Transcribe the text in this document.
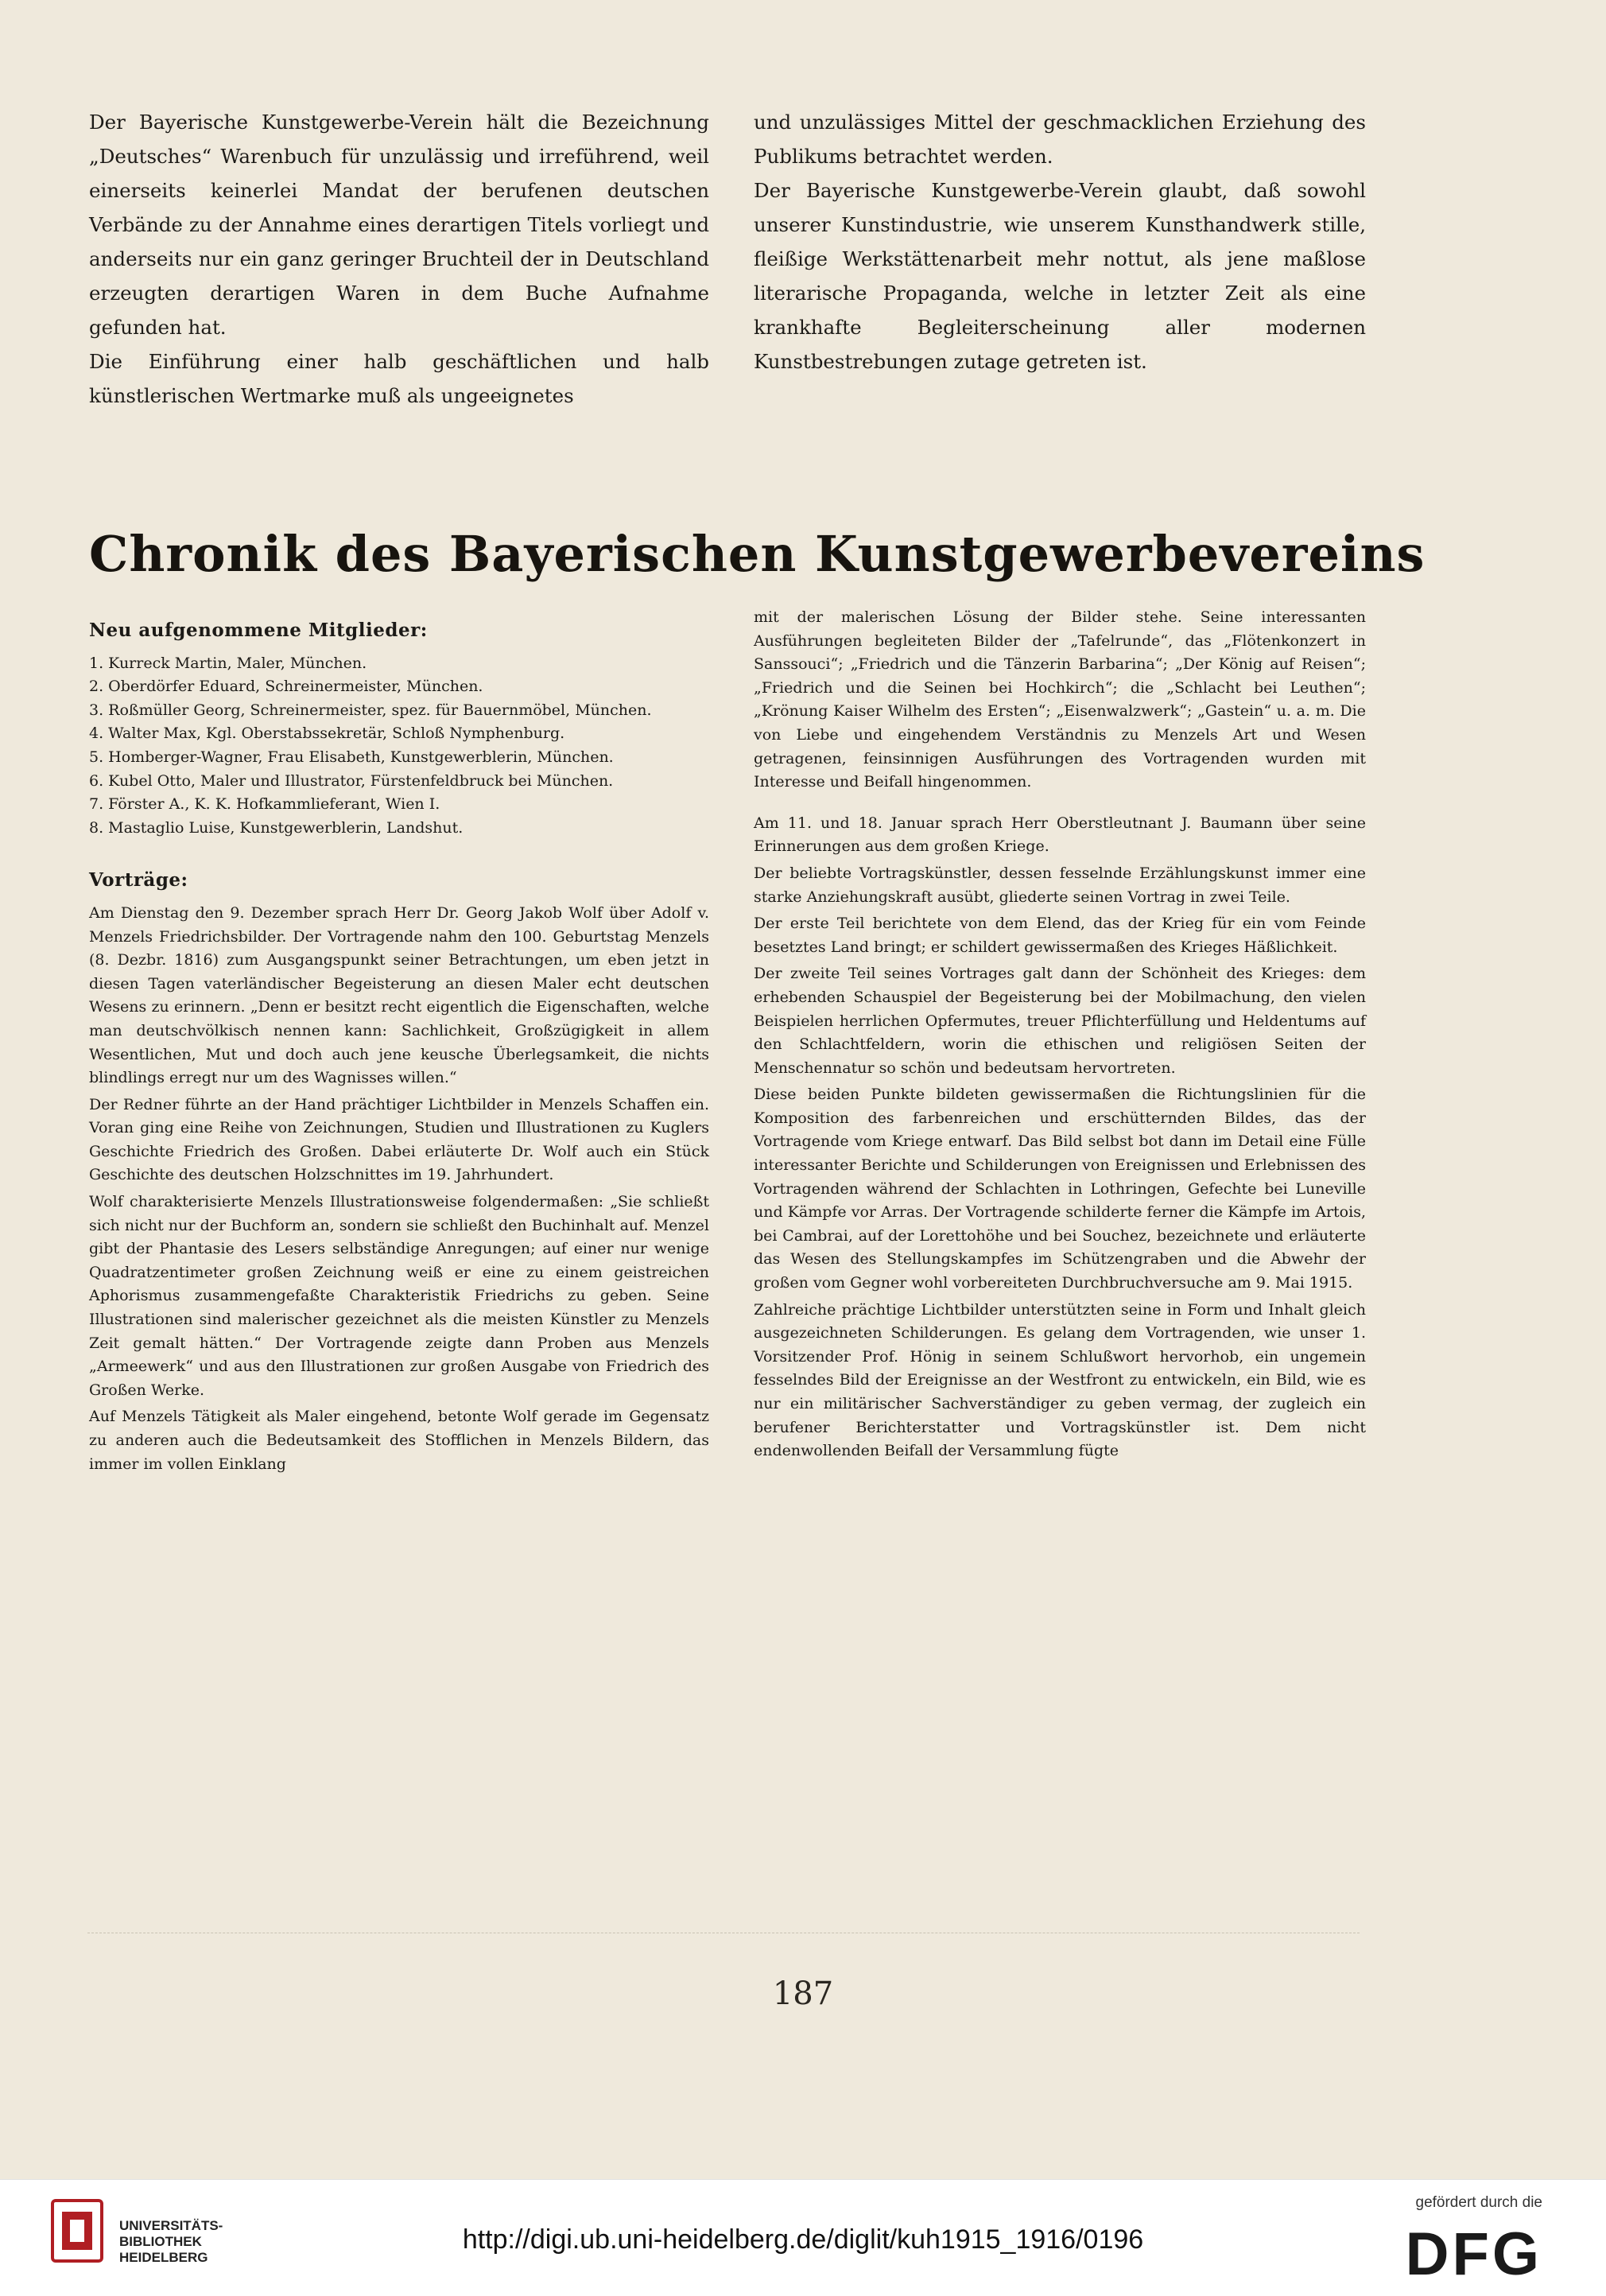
Der Bayerische Kunstgewerbe-Verein hält die Bezeichnung „Deutsches“ Warenbuch für unzulässig und irreführend, weil einerseits keinerlei Mandat der berufenen deutschen Verbände zu der Annahme eines derartigen Titels vorliegt und anderseits nur ein ganz geringer Bruchteil der in Deutschland erzeugten derartigen Waren in dem Buche Aufnahme gefunden hat.

Die Einführung einer halb geschäftlichen und halb künstlerischen Wertmarke muß als ungeeignetes

und unzulässiges Mittel der geschmacklichen Erziehung des Publikums betrachtet werden.

Der Bayerische Kunstgewerbe-Verein glaubt, daß sowohl unserer Kunstindustrie, wie unserem Kunsthandwerk stille, fleißige Werkstättenarbeit mehr nottut, als jene maßlose literarische Propaganda, welche in letzter Zeit als eine krankhafte Begleiterscheinung aller modernen Kunstbestrebungen zutage getreten ist.

Chronik des Bayerischen Kunstgewerbevereins
Neu aufgenommene Mitglieder:
1. Kurreck Martin, Maler, München.
2. Oberdörfer Eduard, Schreinermeister, München.
3. Roßmüller Georg, Schreinermeister, spez. für Bauernmöbel, München.
4. Walter Max, Kgl. Oberstabssekretär, Schloß Nymphenburg.
5. Homberger-Wagner, Frau Elisabeth, Kunstgewerblerin, München.
6. Kubel Otto, Maler und Illustrator, Fürstenfeldbruck bei München.
7. Förster A., K. K. Hofkammlieferant, Wien I.
8. Mastaglio Luise, Kunstgewerblerin, Landshut.
Vorträge:

Am Dienstag den 9. Dezember sprach Herr Dr. Georg Jakob Wolf über Adolf v. Menzels Friedrichsbilder. Der Vortragende nahm den 100. Geburtstag Menzels (8. Dezbr. 1816) zum Ausgangspunkt seiner Betrachtungen, um eben jetzt in diesen Tagen vaterländischer Begeisterung an diesen Maler echt deutschen Wesens zu erinnern. „Denn er besitzt recht eigentlich die Eigenschaften, welche man deutschvölkisch nennen kann: Sachlichkeit, Großzügigkeit in allem Wesentlichen, Mut und doch auch jene keusche Überlegsamkeit, die nichts blindlings erregt nur um des Wagnisses willen.“

Der Redner führte an der Hand prächtiger Lichtbilder in Menzels Schaffen ein. Voran ging eine Reihe von Zeichnungen, Studien und Illustrationen zu Kuglers Geschichte Friedrich des Großen. Dabei erläuterte Dr. Wolf auch ein Stück Geschichte des deutschen Holzschnittes im 19. Jahrhundert.

Wolf charakterisierte Menzels Illustrationsweise folgendermaßen: „Sie schließt sich nicht nur der Buchform an, sondern sie schließt den Buchinhalt auf. Menzel gibt der Phantasie des Lesers selbständige Anregungen; auf einer nur wenige Quadratzentimeter großen Zeichnung weiß er eine zu einem geistreichen Aphorismus zusammengefaßte Charakteristik Friedrichs zu geben. Seine Illustrationen sind malerischer gezeichnet als die meisten Künstler zu Menzels Zeit gemalt hätten.“ Der Vortragende zeigte dann Proben aus Menzels „Armeewerk“ und aus den Illustrationen zur großen Ausgabe von Friedrich des Großen Werke.

Auf Menzels Tätigkeit als Maler eingehend, betonte Wolf gerade im Gegensatz zu anderen auch die Bedeutsamkeit des Stofflichen in Menzels Bildern, das immer im vollen Einklang

mit der malerischen Lösung der Bilder stehe. Seine interessanten Ausführungen begleiteten Bilder der „Tafelrunde“, das „Flötenkonzert in Sanssouci“; „Friedrich und die Tänzerin Barbarina“; „Der König auf Reisen“; „Friedrich und die Seinen bei Hochkirch“; die „Schlacht bei Leuthen“; „Krönung Kaiser Wilhelm des Ersten“; „Eisenwalzwerk“; „Gastein“ u. a. m. Die von Liebe und eingehendem Verständnis zu Menzels Art und Wesen getragenen, feinsinnigen Ausführungen des Vortragenden wurden mit Interesse und Beifall hingenommen.

Am 11. und 18. Januar sprach Herr Oberstleutnant J. Baumann über seine Erinnerungen aus dem großen Kriege.

Der beliebte Vortragskünstler, dessen fesselnde Erzählungskunst immer eine starke Anziehungskraft ausübt, gliederte seinen Vortrag in zwei Teile.

Der erste Teil berichtete von dem Elend, das der Krieg für ein vom Feinde besetztes Land bringt; er schildert gewissermaßen des Krieges Häßlichkeit.

Der zweite Teil seines Vortrages galt dann der Schönheit des Krieges: dem erhebenden Schauspiel der Begeisterung bei der Mobilmachung, den vielen Beispielen herrlichen Opfermutes, treuer Pflichterfüllung und Heldentums auf den Schlachtfeldern, worin die ethischen und religiösen Seiten der Menschennatur so schön und bedeutsam hervortreten.

Diese beiden Punkte bildeten gewissermaßen die Richtungslinien für die Komposition des farbenreichen und erschütternden Bildes, das der Vortragende vom Kriege entwarf. Das Bild selbst bot dann im Detail eine Fülle interessanter Berichte und Schilderungen von Ereignissen und Erlebnissen des Vortragenden während der Schlachten in Lothringen, Gefechte bei Luneville und Kämpfe vor Arras. Der Vortragende schilderte ferner die Kämpfe im Artois, bei Cambrai, auf der Lorettohöhe und bei Souchez, bezeichnete und erläuterte das Wesen des Stellungskampfes im Schützengraben und die Abwehr der großen vom Gegner wohl vorbereiteten Durchbruchversuche am 9. Mai 1915.

Zahlreiche prächtige Lichtbilder unterstützten seine in Form und Inhalt gleich ausgezeichneten Schilderungen. Es gelang dem Vortragenden, wie unser 1. Vorsitzender Prof. Hönig in seinem Schlußwort hervorhob, ein ungemein fesselndes Bild der Ereignisse an der Westfront zu entwickeln, ein Bild, wie es nur ein militärischer Sachverständiger zu geben vermag, der zugleich ein berufener Berichterstatter und Vortragskünstler ist. Dem nicht endenwollenden Beifall der Versammlung fügte

187
UNIVERSITÄTS-
BIBLIOTHEK
HEIDELBERG
http://digi.ub.uni-heidelberg.de/diglit/kuh1915_1916/0196
gefördert durch die
DFG
